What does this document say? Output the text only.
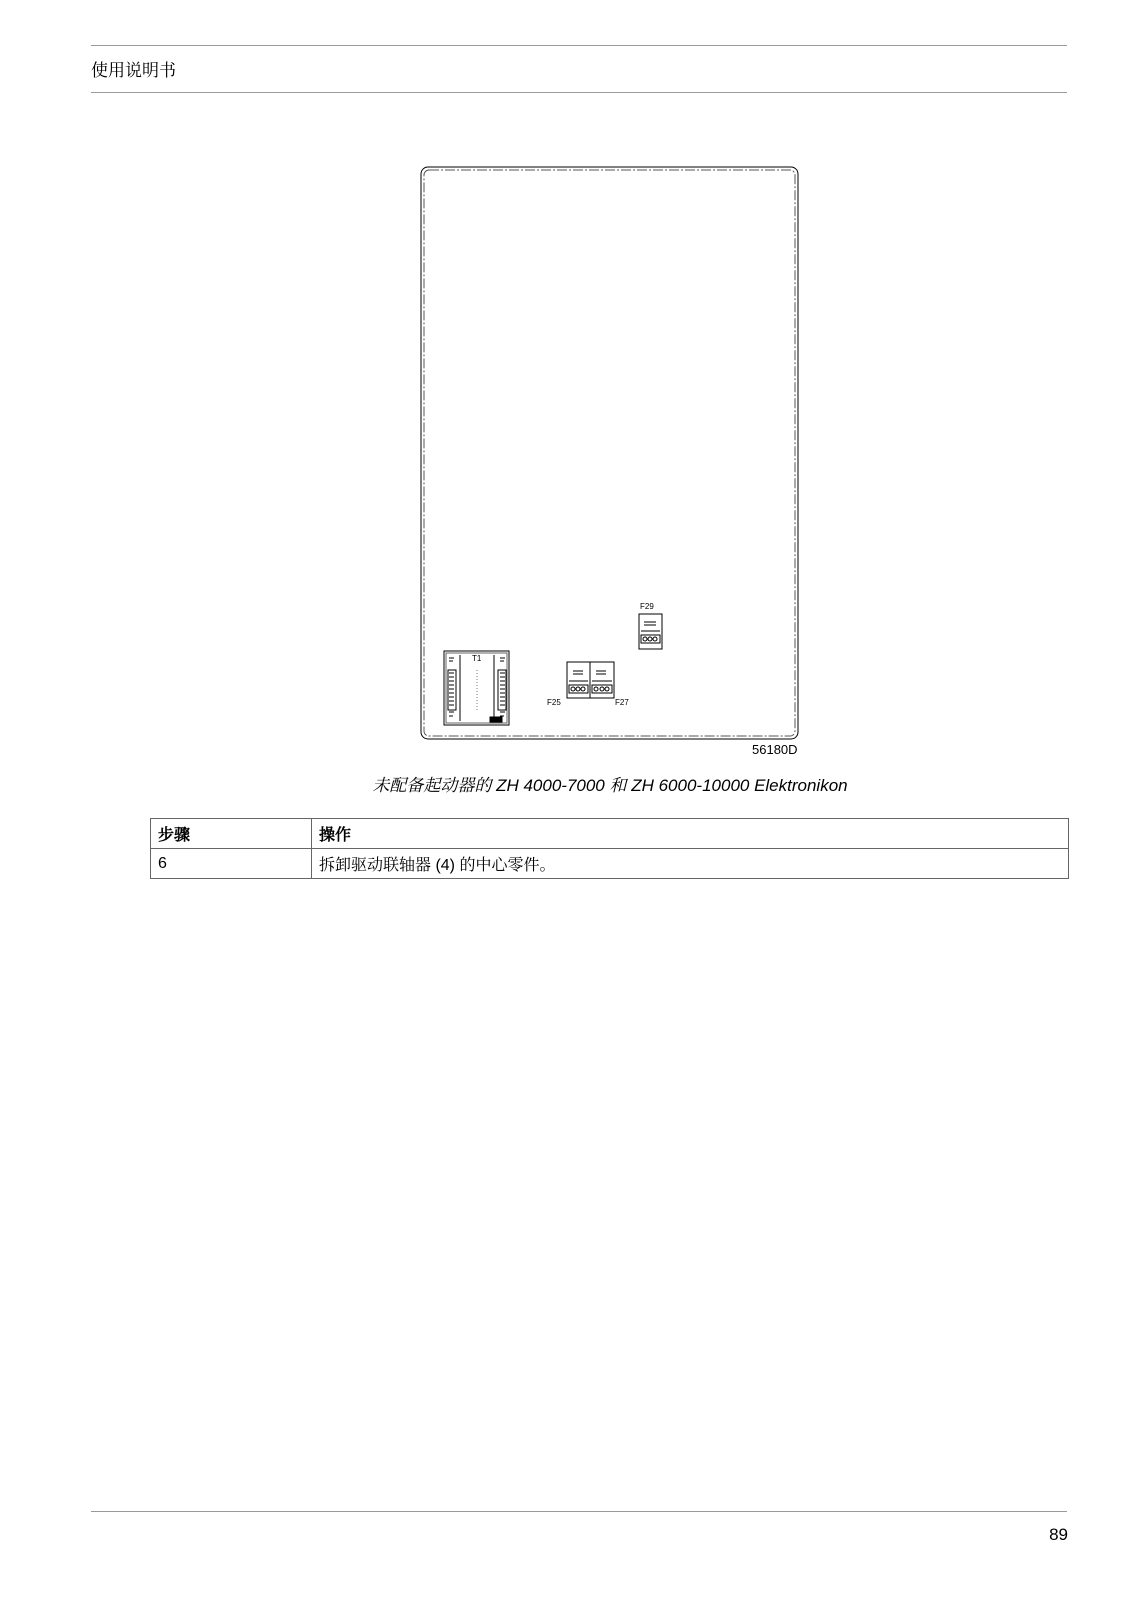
使用说明书
T1
F25	F27
F29
56180D
未配备起动器的 ZH 4000-7000 和 ZH 6000-10000 Elektronikon
步骤	操作
6	拆卸驱动联轴器 (4) 的中心零件。
89
